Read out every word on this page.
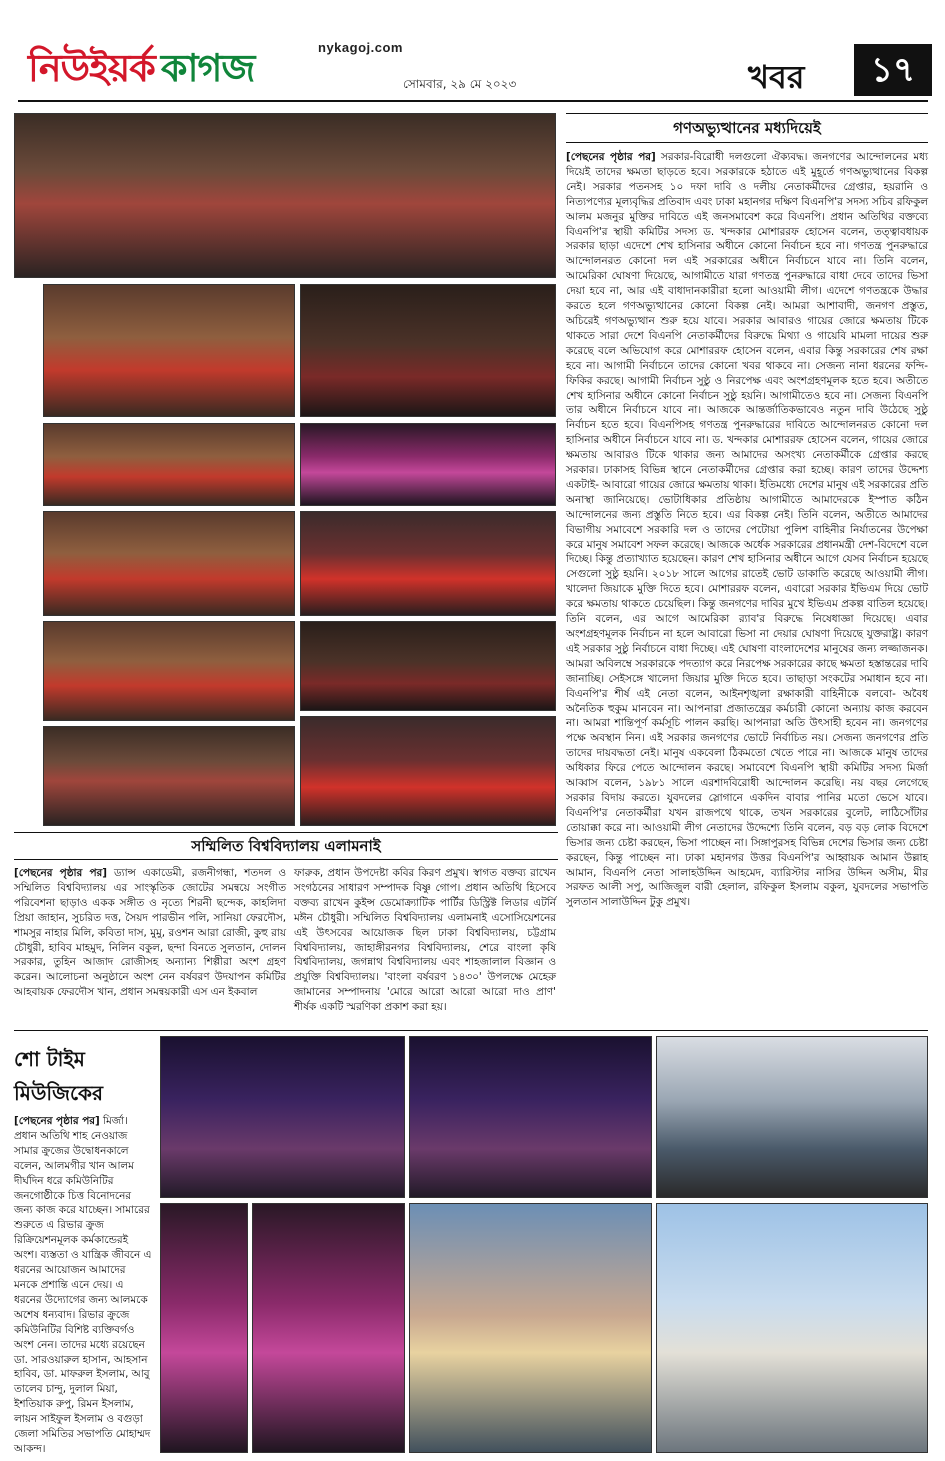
nykagoj.com
নিউইয়র্ক কাগজ	সোমবার, ২৯ মে ২০২৩	খবর	১৭
গণঅভ্যুত্থানের মধ্যদিয়েই
[পেছনের পৃষ্ঠার পর] সরকার-বিরোধী দলগুলো ঐক্যবদ্ধ। জনগণের আন্দোলনের মধ্য দিয়েই তাদের ক্ষমতা ছাড়তে হবে। সরকারকে হঠাতে এই মুহূর্তে গণঅভ্যুত্থানের বিকল্প নেই। সরকার পতনসহ ১০ দফা দাবি ও দলীয় নেতাকর্মীদের গ্রেপ্তার, হয়রানি ও নিত্যপণ্যের মূল্যবৃদ্ধির প্রতিবাদ এবং ঢাকা মহানগর দক্ষিণ বিএনপি'র সদস্য সচিব রফিকুল আলম মজনুর মুক্তির দাবিতে এই জনসমাবেশ করে বিএনপি। প্রধান অতিথির বক্তব্যে বিএনপি'র স্থায়ী কমিটির সদস্য ড. খন্দকার মোশাররফ হোসেন বলেন, তত্ত্বাবধায়ক সরকার ছাড়া এদেশে শেখ হাসিনার অধীনে কোনো নির্বাচন হবে না। গণতন্ত্র পুনরুদ্ধারে আন্দোলনরত কোনো দল এই সরকারের অধীনে নির্বাচনে যাবে না। তিনি বলেন, আমেরিকা ঘোষণা দিয়েছে, আগামীতে যারা গণতন্ত্র পুনরুদ্ধারে বাধা দেবে তাদের ভিসা দেয়া হবে না, আর এই বাধাদানকারীরা হলো আওয়ামী লীগ। এদেশে গণতন্ত্রকে উদ্ধার করতে হলে গণঅভ্যুত্থানের কোনো বিকল্প নেই। আমরা আশাবাদী, জনগণ প্রস্তুত, অচিরেই গণঅভ্যুত্থান শুরু হয়ে যাবে। সরকার আবারও গায়ের জোরে ক্ষমতায় টিকে থাকতে সারা দেশে বিএনপি নেতাকর্মীদের বিরুদ্ধে মিথ্যা ও গায়েবি মামলা দায়ের শুরু করেছে বলে অভিযোগ করে মোশাররফ হোসেন বলেন, এবার কিন্তু সরকারের শেষ রক্ষা হবে না। আগামী নির্বাচনে তাদের কোনো খবর থাকবে না। সেজন্য নানা ধরনের ফন্দি-ফিকির করছে। আগামী নির্বাচন সুষ্ঠু ও নিরপেক্ষ এবং অংশগ্রহণমূলক হতে হবে। অতীতে শেখ হাসিনার অধীনে কোনো নির্বাচন সুষ্ঠু হয়নি। আগামীতেও হবে না। সেজন্য বিএনপি তার অধীনে নির্বাচনে যাবে না। আজকে আন্তর্জাতিকভাবেও নতুন দাবি উঠেছে সুষ্ঠু নির্বাচন হতে হবে। বিএনপিসহ গণতন্ত্র পুনরুদ্ধারের দাবিতে আন্দোলনরত কোনো দল হাসিনার অধীনে নির্বাচনে যাবে না। ড. খন্দকার মোশাররফ হোসেন বলেন, গায়ের জোরে ক্ষমতায় আবারও টিকে থাকার জন্য আমাদের অসংখ্য নেতাকর্মীকে গ্রেপ্তার করছে সরকার। ঢাকাসহ বিভিন্ন স্থানে নেতাকর্মীদের গ্রেপ্তার করা হচ্ছে। কারণ তাদের উদ্দেশ্য একটাই- আবারো গায়ের জোরে ক্ষমতায় থাকা। ইতিমধ্যে দেশের মানুষ এই সরকারের প্রতি অনাস্থা জানিয়েছে। ভোটাধিকার প্রতিষ্ঠায় আগামীতে আমাদেরকে ইস্পাত কঠিন আন্দোলনের জন্য প্রস্তুতি নিতে হবে। এর বিকল্প নেই। তিনি বলেন, অতীতে আমাদের বিভাগীয় সমাবেশে সরকারি দল ও তাদের পেটোয়া পুলিশ বাহিনীর নির্যাতনের উপেক্ষা করে মানুষ সমাবেশ সফল করেছে। আজকে অর্ধেক সরকারের প্রধানমন্ত্রী দেশ-বিদেশে বলে দিচ্ছে। কিন্তু প্রত্যাখ্যাত হয়েছেন। কারণ শেখ হাসিনার অধীনে আগে যেসব নির্বাচন হয়েছে সেগুলো সুষ্ঠু হয়নি। ২০১৮ সালে আগের রাতেই ভোট ডাকাতি করেছে আওয়ামী লীগ। খালেদা জিয়াকে মুক্তি দিতে হবে। মোশাররফ বলেন, এবারো সরকার ইভিএম দিয়ে ভোট করে ক্ষমতায় থাকতে চেয়েছিল। কিন্তু জনগণের দাবির মুখে ইভিএম প্রকল্প বাতিল হয়েছে। তিনি বলেন, এর আগে আমেরিকা র‍্যাব'র বিরুদ্ধে নিষেধাজ্ঞা দিয়েছে। এবার অংশগ্রহণমূলক নির্বাচন না হলে আবারো ভিসা না দেয়ার ঘোষণা দিয়েছে যুক্তরাষ্ট্র। কারণ এই সরকার সুষ্ঠু নির্বাচনে বাধা দিচ্ছে। এই ঘোষণা বাংলাদেশের মানুষের জন্য লজ্জাজনক। আমরা অবিলম্বে সরকারকে পদত্যাগ করে নিরপেক্ষ সরকারের কাছে ক্ষমতা হস্তান্তরের দাবি জানাচ্ছি। সেইসঙ্গে খালেদা জিয়ার মুক্তি দিতে হবে। তাছাড়া সংকটের সমাধান হবে না। বিএনপি'র শীর্ষ এই নেতা বলেন, আইনশৃঙ্খলা রক্ষাকারী বাহিনীকে বলবো- অবৈধ অনৈতিক হুকুম মানবেন না। আপনারা প্রজাতন্ত্রের কর্মচারী কোনো অন্যায় কাজ করবেন না। আমরা শান্তিপূর্ণ কর্মসূচি পালন করছি। আপনারা অতি উৎসাহী হবেন না। জনগণের পক্ষে অবস্থান নিন। এই সরকার জনগণের ভোটে নির্বাচিত নয়। সেজন্য জনগণের প্রতি তাদের দায়বদ্ধতা নেই। মানুষ একবেলা ঠিকমতো খেতে পারে না। আজকে মানুষ তাদের অধিকার ফিরে পেতে আন্দোলন করছে। সমাবেশে বিএনপি স্থায়ী কমিটির সদস্য মির্জা আব্বাস বলেন, ১৯৮১ সালে এরশাদবিরোধী আন্দোলন করেছি। নয় বছর লেগেছে সরকার বিদায় করতে। যুবদলের স্লোগানে একদিন বাবার পানির মতো ভেসে যাবে। বিএনপি'র নেতাকর্মীরা যখন রাজপথে থাকে, তখন সরকারের বুলেট, লাঠিসোঁটার তোয়াক্কা করে না। আওয়ামী লীগ নেতাদের উদ্দেশ্যে তিনি বলেন, বড় বড় লোক বিদেশে ভিসার জন্য চেষ্টা করছেন, ভিসা পাচ্ছেন না। সিঙ্গাপুরসহ বিভিন্ন দেশের ভিসার জন্য চেষ্টা করছেন, কিন্তু পাচ্ছেন না। ঢাকা মহানগর উত্তর বিএনপি'র আহ্বায়ক আমান উল্লাহ আমান, বিএনপি নেতা সালাহউদ্দিন আহমেদ, ব্যারিস্টার নাসির উদ্দিন অসীম, মীর সরফত আলী সপু, আজিজুল বারী হেলাল, রফিকুল ইসলাম বকুল, যুবদলের সভাপতি সুলতান সালাউদ্দিন টুকু প্রমুখ।
সম্মিলিত বিশ্ববিদ্যালয় এলামনাই
[পেছনের পৃষ্ঠার পর] ড্যান্স একাডেমী, রজনীগন্ধা, শতদল ও সম্মিলিত বিশ্ববিদ্যালয় এর সাংস্কৃতিক জোটের সমন্বয়ে সংগীত পরিবেশনা ছাড়াও একক সঙ্গীত ও নৃত্যে শিরনী ছন্দেক, কাহলিদা প্রিয়া জাহান, সুচরিত দত্ত, সৈয়দ পারভীন পলি, সানিয়া ফেরদৌস, শামসুর নাহার মিলি, কবিতা দাস, মুমু, রওশন আরা রোজী, কুহু রায় চৌধুরী, হাবিব মাহমুদ, নিলিন বকুল, ছন্দা বিনতে সুলতান, দোলন সরকার, তুহিন আজাদ রোজীসহ অন্যান্য শিল্পীরা অংশ গ্রহণ করেন। আলোচনা অনুষ্ঠানে অংশ নেন বর্ষবরণ উদযাপন কমিটির আহবায়ক ফেরদৌস খান, প্রধান সমন্বয়কারী এস এন ইকবাল
ফারুক, প্রধান উপদেষ্টা কবির কিরণ প্রমুখ। স্বাগত বক্তব্য রাখেন সংগঠনের সাধারণ সম্পাদক বিষ্ণু গোপ। প্রধান অতিথি হিসেবে বক্তব্য রাখেন কুইন্স ডেমোক্র্যাটিক পার্টির ডিস্ট্রিক্ট লিডার এটর্নি মঈন চৌধুরী। সম্মিলিত বিশ্ববিদ্যালয় এলামনাই এসোসিয়েশনের এই উৎসবের আয়োজক ছিল ঢাকা বিশ্ববিদ্যালয়, চট্টগ্রাম বিশ্ববিদ্যালয়, জাহাঙ্গীরনগর বিশ্ববিদ্যালয়, শেরে বাংলা কৃষি বিশ্ববিদ্যালয়, জগন্নাথ বিশ্ববিদ্যালয় এবং শাহজালাল বিজ্ঞান ও প্রযুক্তি বিশ্ববিদ্যালয়। 'বাংলা বর্ষবরণ ১৪৩০' উপলক্ষে মেহেরু জামানের সম্পাদনায় 'মোরে আরো আরো আরো দাও প্রাণ' শীর্ষক একটি স্মরণিকা প্রকাশ করা হয়।
শো টাইম
মিউজিকের
[পেছনের পৃষ্ঠার পর] মির্জা। প্রধান অতিথি শাহ নেওয়াজ সামার ক্রুজের উদ্বোধনকালে বলেন, আলমগীর খান আলম দীর্ঘদিন ধরে কমিউনিটির জনগোষ্ঠীকে চিত্ত বিনোদনের জন্য কাজ করে যাচ্ছেন। সামারের শুরুতে এ রিভার ক্রুজ রিক্রিয়েশনমূলক কর্মকান্ডেরই অংশ। ব্যস্ততা ও যান্ত্রিক জীবনে এ ধরনের আয়োজন আমাদের মনকে প্রশান্তি এনে দেয়। এ ধরনের উদ্যোগের জন্য আলমকে অশেষ ধন্যবাদ। রিভার ক্রুজে কমিউনিটির বিশিষ্ট ব্যক্তিবর্গও অংশ নেন। তাদের মধ্যে রয়েছেন ডা. সারওয়ারুল হাসান, আহসান হাবিব, ডা. মাফরুল ইসলাম, আবু তালেব চান্দু, দুলাল মিয়া, ইশতিয়াক রুপু, রিমন ইসলাম, লায়ন সাইফুল ইসলাম ও বগুড়া জেলা সমিতির সভাপতি মোহাম্মদ আকন্দ।
